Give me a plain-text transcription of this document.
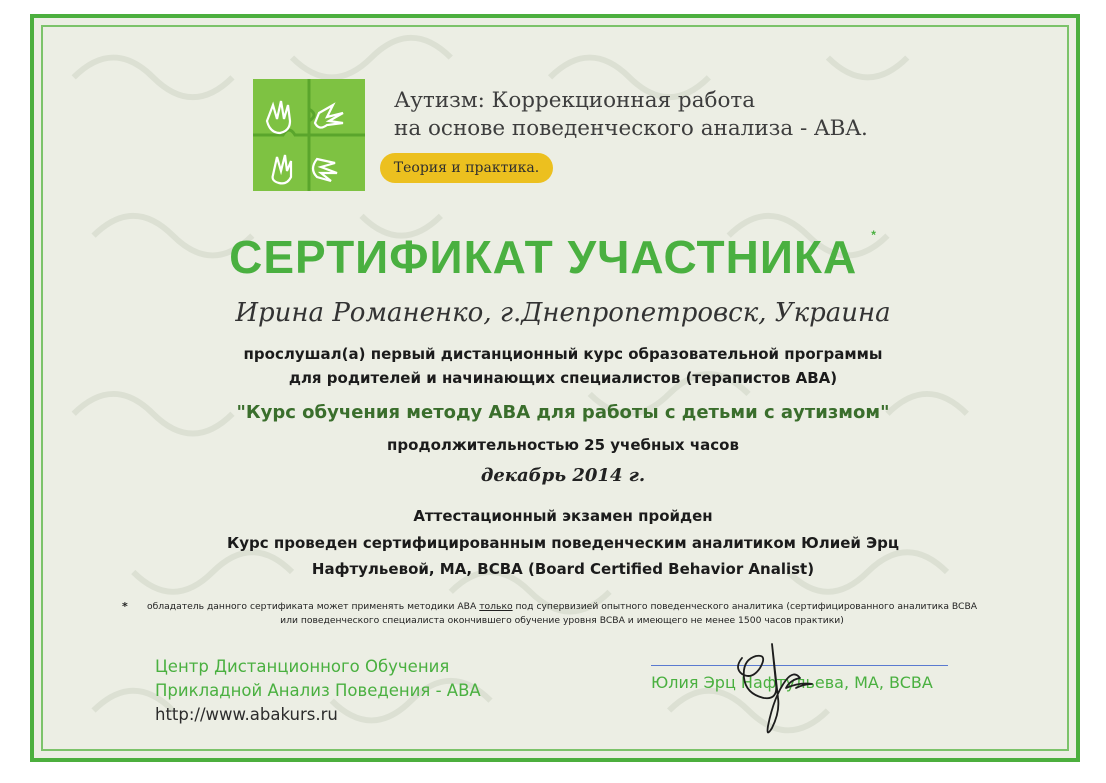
Аутизм: Коррекционная работа
на основе поведенческого анализа - ABA.
Теория и практика.
СЕРТИФИКАТ УЧАСТНИКА *
Ирина Романенко, г.Днепропетровск, Украина
прослушал(а) первый дистанционный курс образовательной программы
для родителей и начинающих специалистов (терапистов ABA)
"Курс обучения методу ABA для работы с детьми с аутизмом"
продолжительностью 25 учебных часов
декабрь 2014 г.
Аттестационный экзамен пройден
Курс проведен сертифицированным поведенческим аналитиком Юлией Эрц
Нафтульевой, МА, BCBA (Board Certified Behavior Analist)
*	обладатель данного сертификата может применять методики ABA только под супервизией опытного поведенческого аналитика (сертифицированного аналитика BCBA
или поведенческого специалиста окончившего обучение уровня BCBA и имеющего не менее 1500 часов практики)
Центр Дистанционного Обучения
Прикладной Анализ Поведения - ABA
http://www.abakurs.ru
Юлия Эрц Нафтульева, МА, BCBA
